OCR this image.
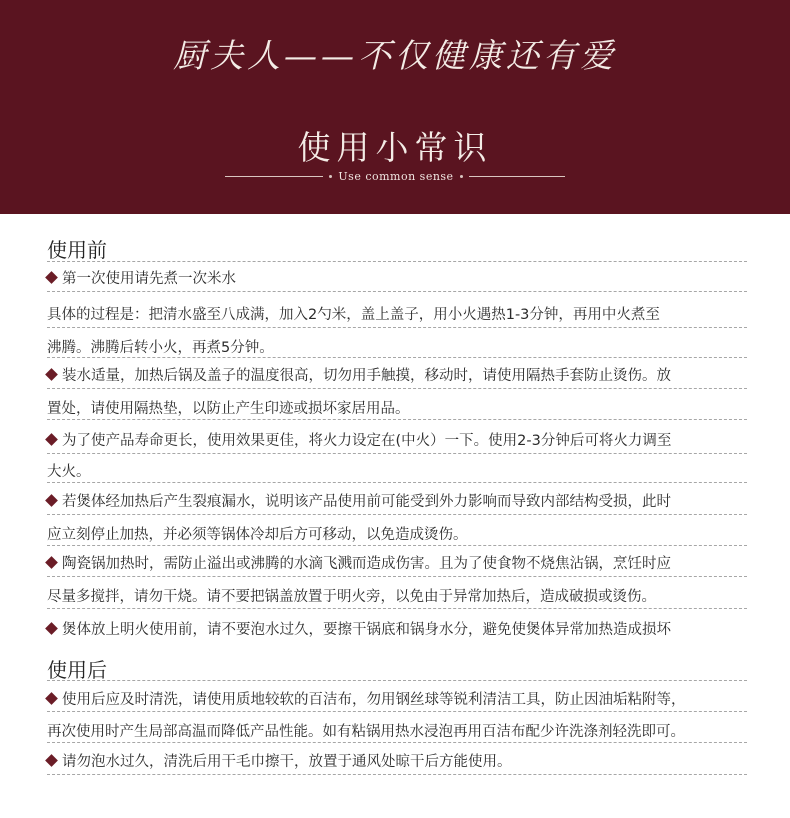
厨夫人——不仅健康还有爱
使用小常识
Use common sense
使用前
第一次使用请先煮一次米水
具体的过程是：把清水盛至八成满，加入2勺米，盖上盖子，用小火遇热1-3分钟，再用中火煮至
沸腾。沸腾后转小火，再煮5分钟。
装水适量，加热后锅及盖子的温度很高，切勿用手触摸，移动时，请使用隔热手套防止烫伤。放
置处，请使用隔热垫，以防止产生印迹或损坏家居用品。
为了使产品寿命更长，使用效果更佳，将火力设定在(中火）一下。使用2-3分钟后可将火力调至
大火。
若煲体经加热后产生裂痕漏水，说明该产品使用前可能受到外力影响而导致内部结构受损，此时
应立刻停止加热，并必须等锅体冷却后方可移动，以免造成烫伤。
陶瓷锅加热时，需防止溢出或沸腾的水滴飞溅而造成伤害。且为了使食物不烧焦沾锅，烹饪时应
尽量多搅拌，请勿干烧。请不要把锅盖放置于明火旁，以免由于异常加热后，造成破损或烫伤。
煲体放上明火使用前，请不要泡水过久，要擦干锅底和锅身水分，避免使煲体异常加热造成损坏
使用后
使用后应及时清洗，请使用质地较软的百洁布，勿用钢丝球等锐利清洁工具，防止因油垢粘附等，
再次使用时产生局部高温而降低产品性能。如有粘锅用热水浸泡再用百洁布配少许洗涤剂轻洗即可。
请勿泡水过久，清洗后用干毛巾擦干，放置于通风处晾干后方能使用。
